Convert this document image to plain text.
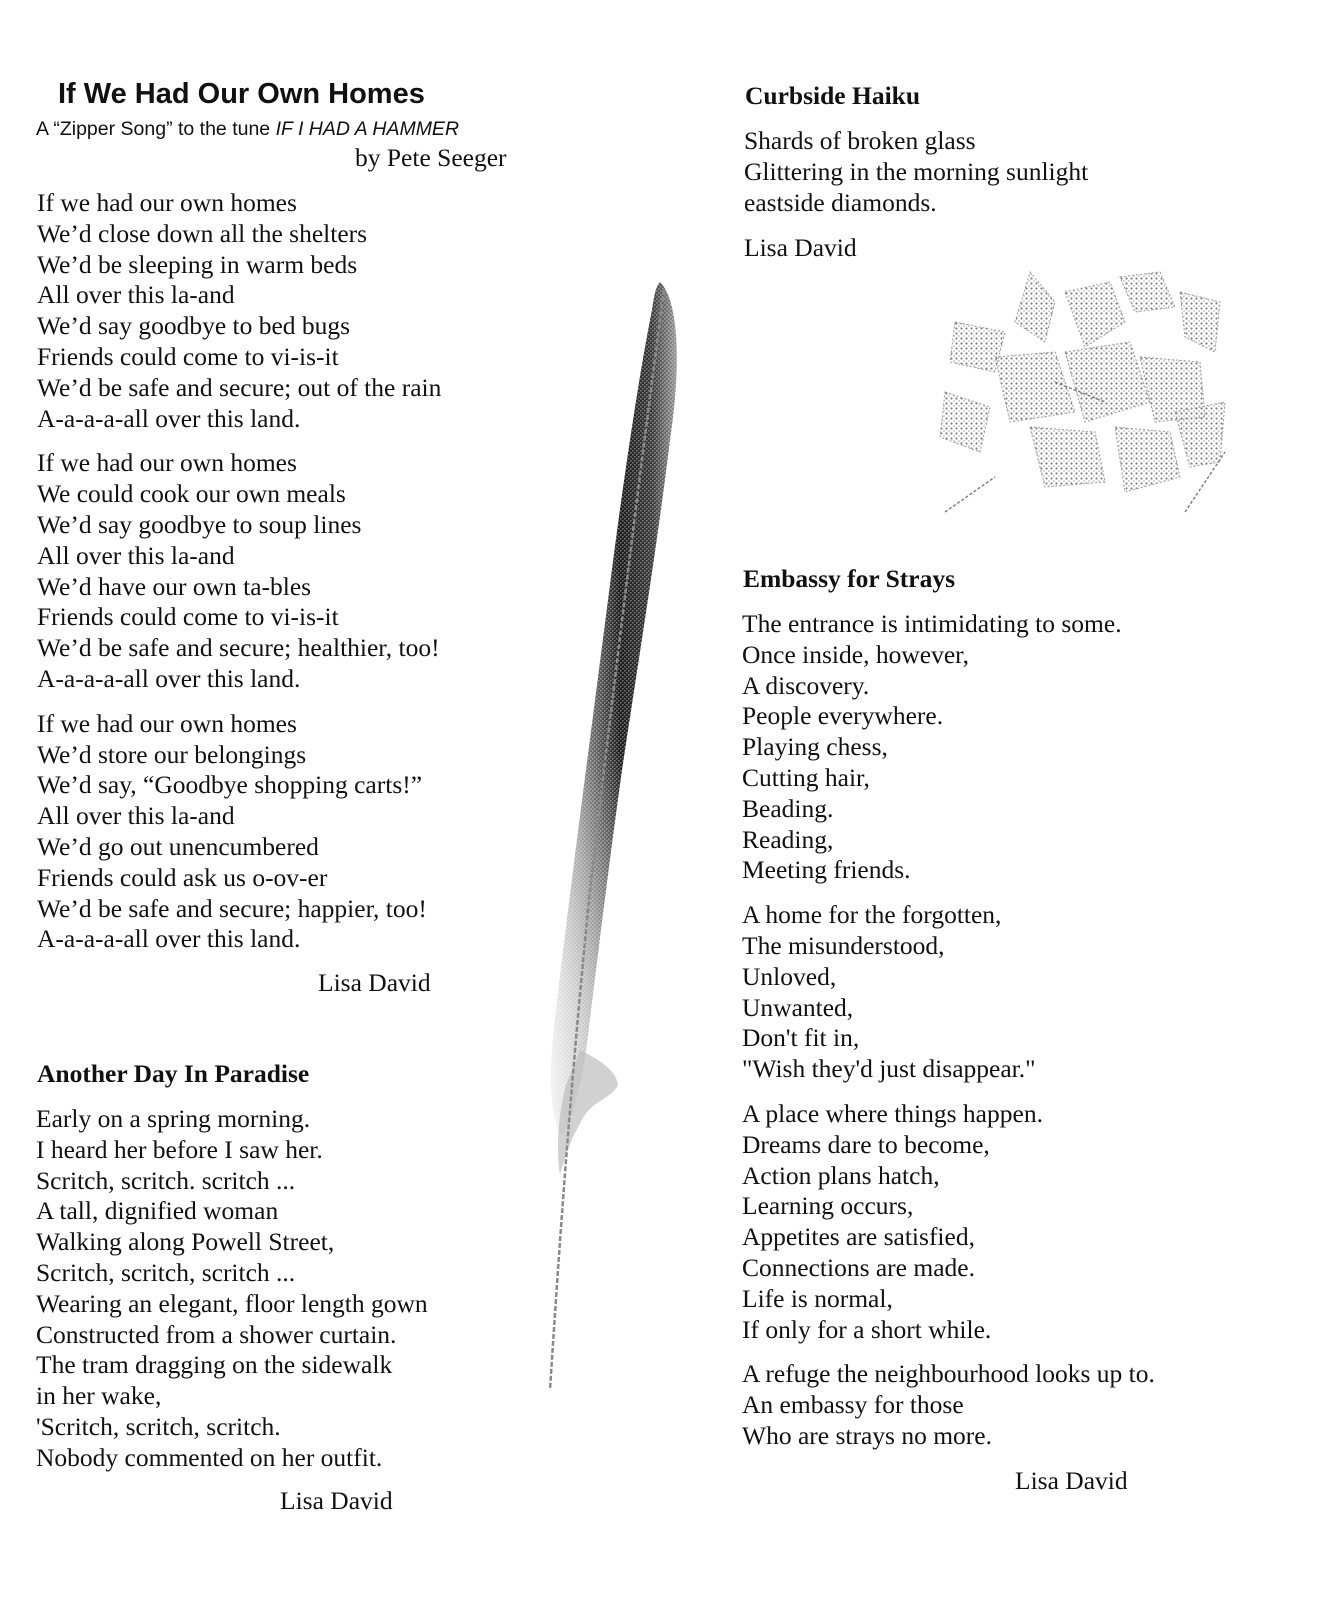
If We Had Our Own Homes
A “Zipper Song” to the tune IF I HAD A HAMMER
by Pete Seeger
If we had our own homes
We’d close down all the shelters
We’d be sleeping in warm beds
All over this la-and
We’d say goodbye to bed bugs
Friends could come to vi-is-it
We’d be safe and secure; out of the rain
A-a-a-a-all over this land.
If we had our own homes
We could cook our own meals
We’d say goodbye to soup lines
All over this la-and
We’d have our own ta-bles
Friends could come to vi-is-it
We’d be safe and secure; healthier, too!
A-a-a-a-all over this land.
If we had our own homes
We’d store our belongings
We’d say, “Goodbye shopping carts!”
All over this la-and
We’d go out unencumbered
Friends could ask us o-ov-er
We’d be safe and secure; happier, too!
A-a-a-a-all over this land.
Lisa David
Another Day In Paradise
Early on a spring morning.
I heard her before I saw her.
Scritch, scritch. scritch ...
A tall, dignified woman
Walking along Powell Street,
Scritch, scritch, scritch ...
Wearing an elegant, floor length gown
Constructed from a shower curtain.
The tram dragging on the sidewalk
in her wake,
'Scritch, scritch, scritch.
Nobody commented on her outfit.
Lisa David
Curbside Haiku
Shards of broken glass
Glittering in the morning sunlight
eastside diamonds.
Lisa David
Embassy for Strays
The entrance is intimidating to some.
Once inside, however,
A discovery.
People everywhere.
Playing chess,
Cutting hair,
Beading.
Reading,
Meeting friends.
A home for the forgotten,
The misunderstood,
Unloved,
Unwanted,
Don't fit in,
"Wish they'd just disappear."
A place where things happen.
Dreams dare to become,
Action plans hatch,
Learning occurs,
Appetites are satisfied,
Connections are made.
Life is normal,
If only for a short while.
A refuge the neighbourhood looks up to.
An embassy for those
Who are strays no more.
Lisa David
